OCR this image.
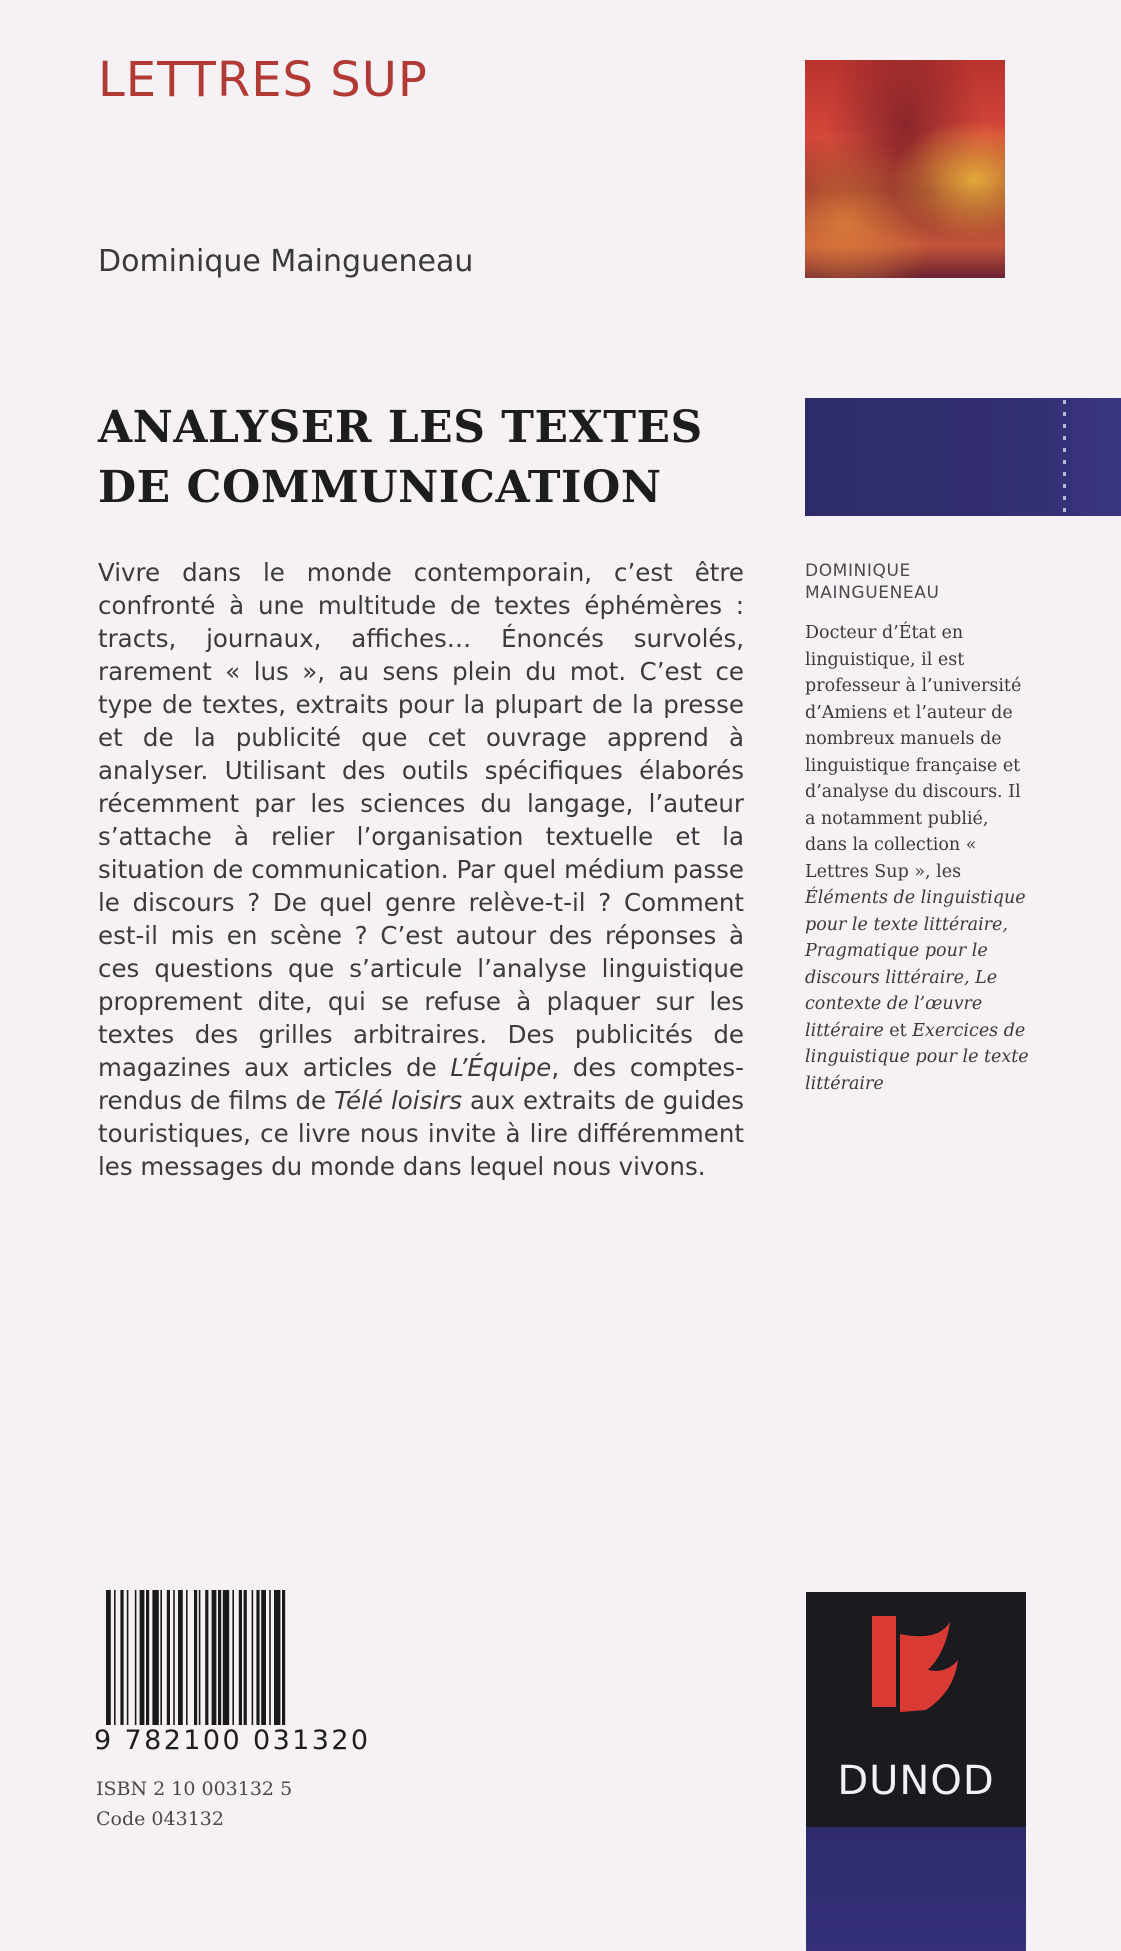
LETTRES SUP
Dominique Maingueneau
ANALYSER LES TEXTES
DE COMMUNICATION

Vivre dans le monde contemporain, c’est être confronté à une multitude de textes éphémères : tracts, journaux, affiches… Énoncés survolés, rarement « lus », au sens plein du mot. C’est ce type de textes, extraits pour la plupart de la presse et de la publicité que cet ouvrage apprend à analyser. Utilisant des outils spécifiques élaborés récemment par les sciences du langage, l’auteur s’attache à relier l’organisation textuelle et la situation de communication. Par quel médium passe le discours ? De quel genre relève-t-il ? Comment est-il mis en scène ? C’est autour des réponses à ces questions que s’articule l’analyse linguistique proprement dite, qui se refuse à plaquer sur les textes des grilles arbitraires. Des publicités de magazines aux articles de L’Équipe, des comptes-rendus de films de Télé loisirs aux extraits de guides touristiques, ce livre nous invite à lire différemment les messages du monde dans lequel nous vivons.

DOMINIQUE MAINGUENEAU
Docteur d’État en linguistique, il est professeur à l’université d’Amiens et l’auteur de nombreux manuels de linguistique française et d’analyse du discours. Il a notamment publié, dans la collection « Lettres Sup », les Éléments de linguistique pour le texte littéraire, Pragmatique pour le discours littéraire, Le contexte de l’œuvre littéraire et Exercices de linguistique pour le texte littéraire
9 782100 031320
ISBN 2 10 003132 5
Code 043132
DUNOD
